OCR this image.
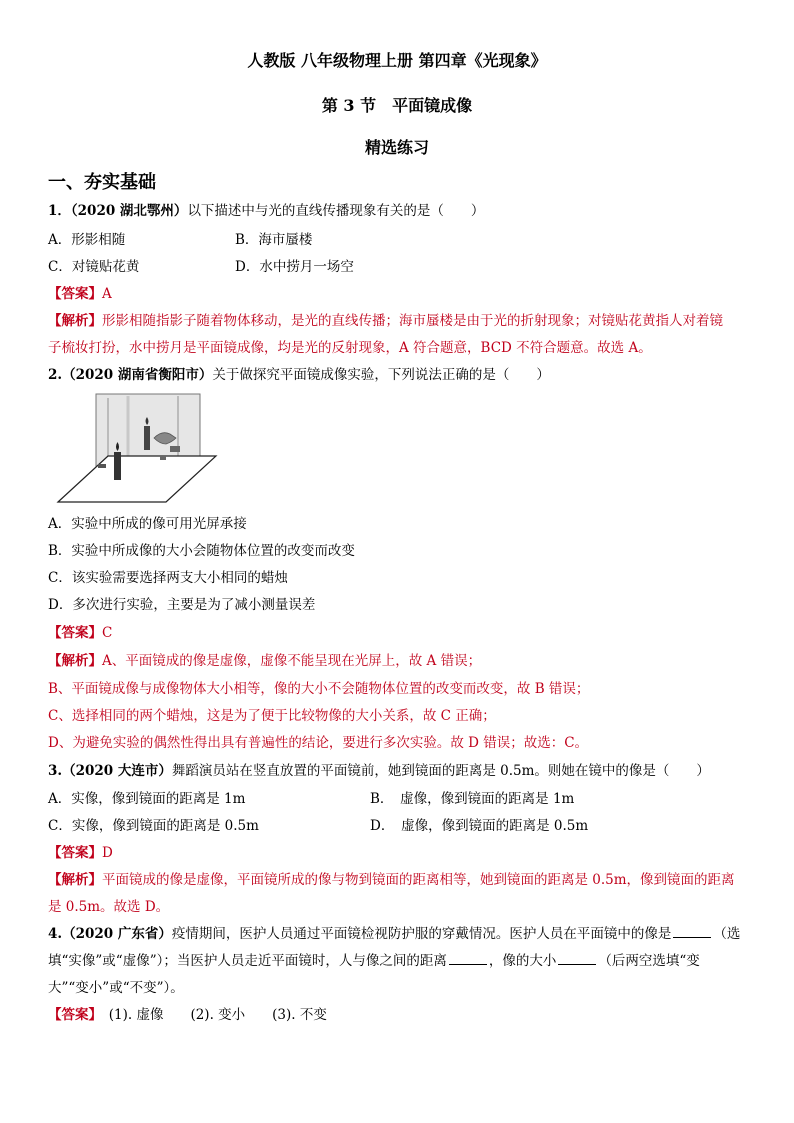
人教版 八年级物理上册 第四章《光现象》
第 3 节　平面镜成像
精选练习
一、夯实基础
1．（2020 湖北鄂州）以下描述中与光的直线传播现象有关的是（　　）
A．形影相随	B．海市蜃楼
C．对镜贴花黄	D．水中捞月一场空
【答案】A
【解析】形影相随指影子随着物体移动，是光的直线传播；海市蜃楼是由于光的折射现象；对镜贴花黄指人对着镜
子梳妆打扮，水中捞月是平面镜成像，均是光的反射现象，A 符合题意，BCD 不符合题意。故选 A。
2.（2020 湖南省衡阳市）关于做探究平面镜成像实验，下列说法正确的是（　　）
A．实验中所成的像可用光屏承接
B．实验中所成像的大小会随物体位置的改变而改变
C．该实验需要选择两支大小相同的蜡烛
D．多次进行实验，主要是为了减小测量误差
【答案】C
【解析】A、平面镜成的像是虚像，虚像不能呈现在光屏上，故 A 错误；
B、平面镜成像与成像物体大小相等，像的大小不会随物体位置的改变而改变，故 B 错误；
C、选择相同的两个蜡烛，这是为了便于比较物像的大小关系，故 C 正确；
D、为避免实验的偶然性得出具有普遍性的结论，要进行多次实验。故 D 错误；故选：C。
3.（2020 大连市）舞蹈演员站在竖直放置的平面镜前，她到镜面的距离是 0.5m。则她在镜中的像是（　　）
A．实像，像到镜面的距离是 1m	B．　虚像，像到镜面的距离是 1m
C．实像，像到镜面的距离是 0.5m	D．　虚像，像到镜面的距离是 0.5m
【答案】D
【解析】平面镜成的像是虚像，平面镜所成的像与物到镜面的距离相等，她到镜面的距离是 0.5m，像到镜面的距离
是 0.5m。故选 D。
4.（2020 广东省）疫情期间，医护人员通过平面镜检视防护服的穿戴情况。医护人员在平面镜中的像是	（选
填“实像”或“虚像”）；当医护人员走近平面镜时，人与像之间的距离	，像的大小	（后两空选填“变
大”“变小”或“不变”）。
【答案】　(1). 虚像　　(2). 变小　　(3). 不变
